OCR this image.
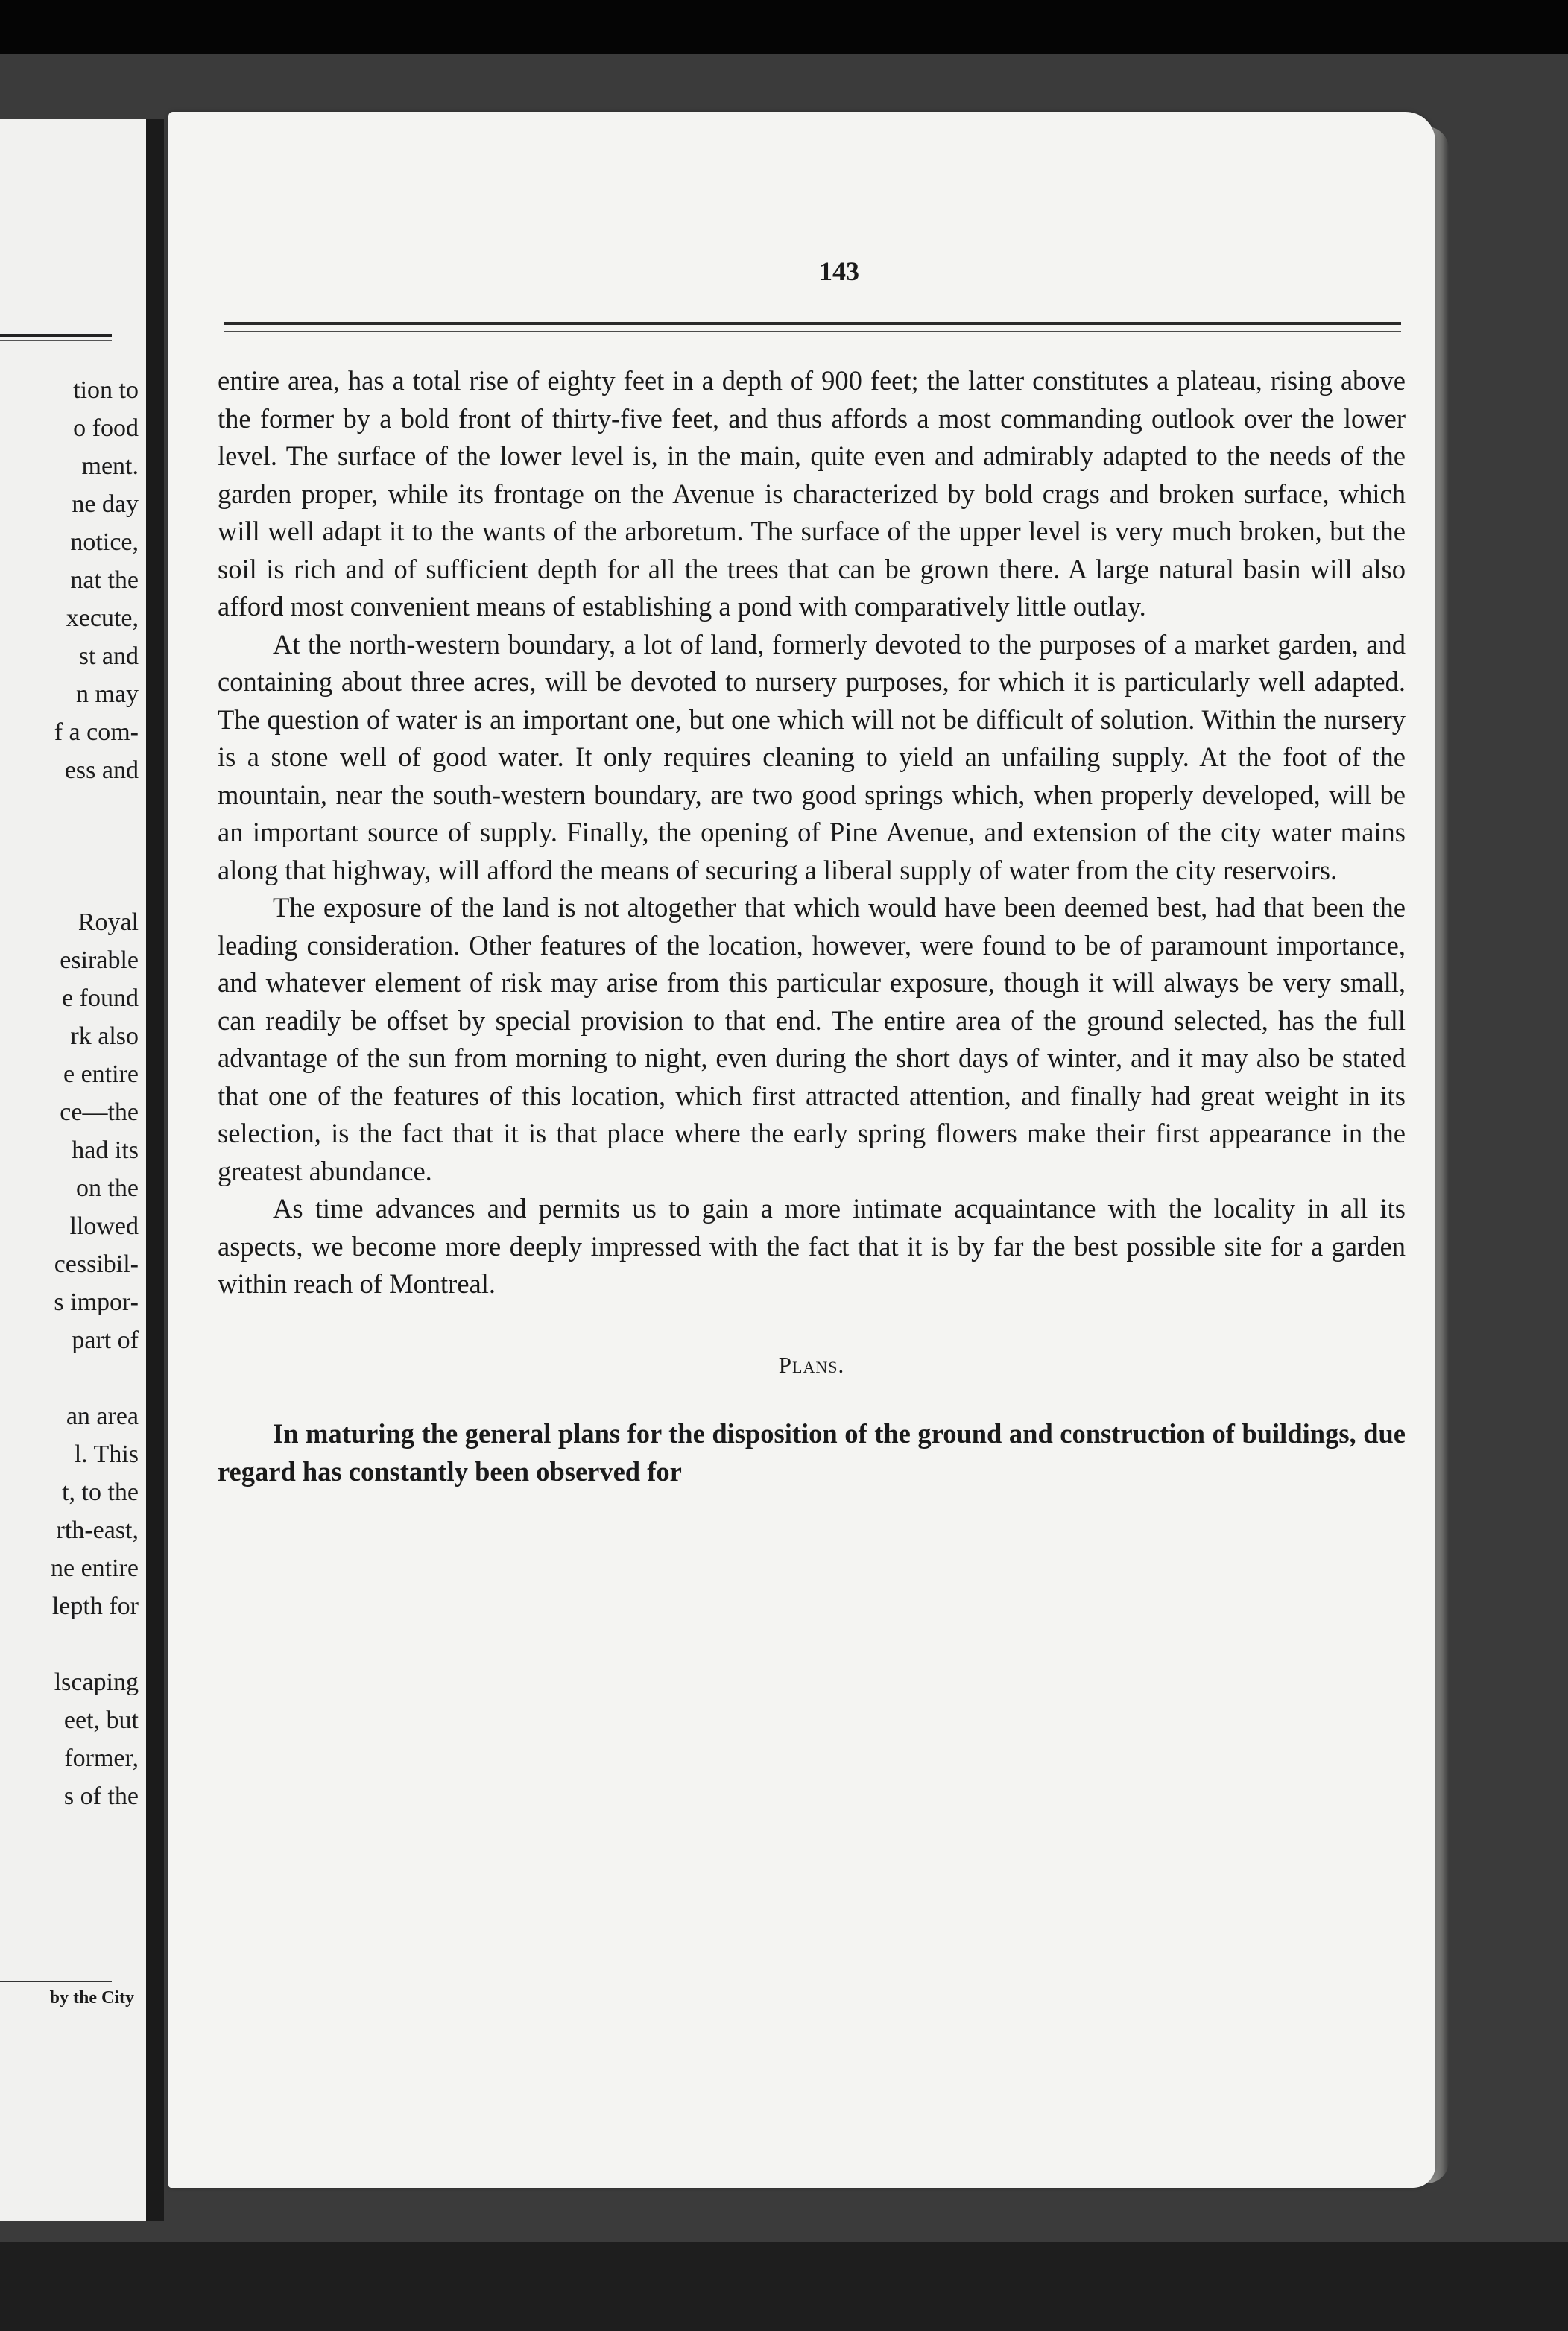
tion to
o food
ment.
ne day
notice,
nat the
xecute,
st and
n may
f a com-
ess and
Royal
esirable
e found
rk also
e entire
ce—the
had its
on the
llowed
cessibil-
s impor-
part of
an area
l. This
t, to the
rth-east,
ne entire
lepth for
lscaping
eet, but
former,
s of the
by the City
143

entire area, has a total rise of eighty feet in a depth of 900 feet; the latter constitutes a plateau, rising above the former by a bold front of thirty-five feet, and thus affords a most commanding outlook over the lower level. The surface of the lower level is, in the main, quite even and admirably adapted to the needs of the garden proper, while its frontage on the Avenue is characterized by bold crags and broken surface, which will well adapt it to the wants of the arboretum. The surface of the upper level is very much broken, but the soil is rich and of sufficient depth for all the trees that can be grown there. A large natural basin will also afford most convenient means of establishing a pond with comparatively little outlay.

At the north-western boundary, a lot of land, formerly devoted to the purposes of a market garden, and containing about three acres, will be devoted to nursery purposes, for which it is particularly well adapted. The question of water is an important one, but one which will not be difficult of solution. Within the nursery is a stone well of good water. It only requires cleaning to yield an unfailing supply. At the foot of the mountain, near the south-western boundary, are two good springs which, when properly developed, will be an important source of supply. Finally, the opening of Pine Avenue, and extension of the city water mains along that highway, will afford the means of securing a liberal supply of water from the city reservoirs.

The exposure of the land is not altogether that which would have been deemed best, had that been the leading consideration. Other features of the location, however, were found to be of paramount importance, and whatever element of risk may arise from this particular exposure, though it will always be very small, can readily be offset by special provision to that end. The entire area of the ground selected, has the full advantage of the sun from morning to night, even during the short days of winter, and it may also be stated that one of the features of this location, which first attracted attention, and finally had great weight in its selection, is the fact that it is that place where the early spring flowers make their first appearance in the greatest abundance.

As time advances and permits us to gain a more intimate acquaintance with the locality in all its aspects, we become more deeply impressed with the fact that it is by far the best possible site for a garden within reach of Montreal.

Plans.

In maturing the general plans for the disposition of the ground and construction of buildings, due regard has constantly been observed for
